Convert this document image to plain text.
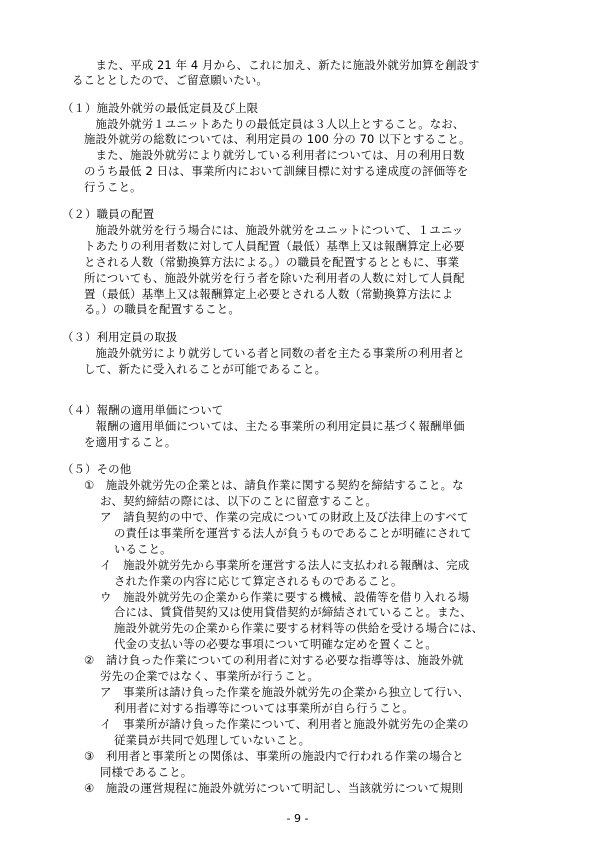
　また、平成 21 年 4 月から、これに加え、新たに施設外就労加算を創設す
ることとしたので、ご留意願いたい。
（１）施設外就労の最低定員及び上限
　施設外就労１ユニットあたりの最低定員は３人以上とすること。なお、
施設外就労の総数については、利用定員の 100 分の 70 以下とすること。
　また、施設外就労により就労している利用者については、月の利用日数
のうち最低 2 日は、事業所内において訓練目標に対する達成度の評価等を
行うこと。
（２）職員の配置
　施設外就労を行う場合には、施設外就労をユニットについて、１ユニッ
トあたりの利用者数に対して人員配置（最低）基準上又は報酬算定上必要
とされる人数（常勤換算方法による。）の職員を配置するとともに、事業
所についても、施設外就労を行う者を除いた利用者の人数に対して人員配
置（最低）基準上又は報酬算定上必要とされる人数（常勤換算方法によ
る。）の職員を配置すること。
（３）利用定員の取扱
　施設外就労により就労している者と同数の者を主たる事業所の利用者と
して、新たに受入れることが可能であること。
（４）報酬の適用単価について
　報酬の適用単価については、主たる事業所の利用定員に基づく報酬単価
を適用すること。
（５）その他
①　施設外就労先の企業とは、請負作業に関する契約を締結すること。な
お、契約締結の際には、以下のことに留意すること。
ア　請負契約の中で、作業の完成についての財政上及び法律上のすべて
の責任は事業所を運営する法人が負うものであることが明確にされて
いること。
イ　施設外就労先から事業所を運営する法人に支払われる報酬は、完成
された作業の内容に応じて算定されるものであること。
ウ　施設外就労先の企業から作業に要する機械、設備等を借り入れる場
合には、賃貸借契約又は使用貸借契約が締結されていること。また、
施設外就労先の企業から作業に要する材料等の供給を受ける場合には、
代金の支払い等の必要な事項について明確な定めを置くこと。
②　請け負った作業についての利用者に対する必要な指導等は、施設外就
労先の企業ではなく、事業所が行うこと。
ア　事業所は請け負った作業を施設外就労先の企業から独立して行い、
利用者に対する指導等については事業所が自ら行うこと。
イ　事業所が請け負った作業について、利用者と施設外就労先の企業の
従業員が共同で処理していないこと。
③　利用者と事業所との関係は、事業所の施設内で行われる作業の場合と
同様であること。
④　施設の運営規程に施設外就労について明記し、当該就労について規則
- 9 -
